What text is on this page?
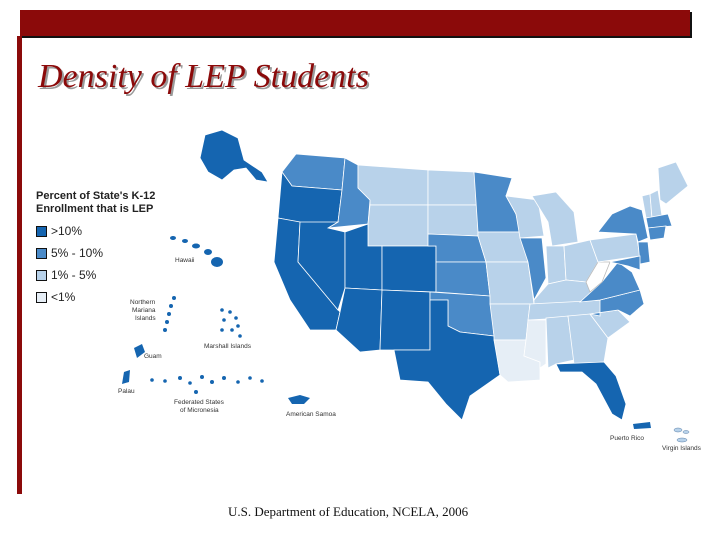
Density of LEP Students
Hawaii
Northern
Mariana
Islands
Guam
Palau
Marshall Islands
Federated States
of Micronesia
American Samoa
Puerto Rico
Virgin Islands
Percent of State's K-12
Enrollment that is LEP
>10%
5% - 10%
1% - 5%
<1%
U.S. Department of Education, NCELA, 2006
